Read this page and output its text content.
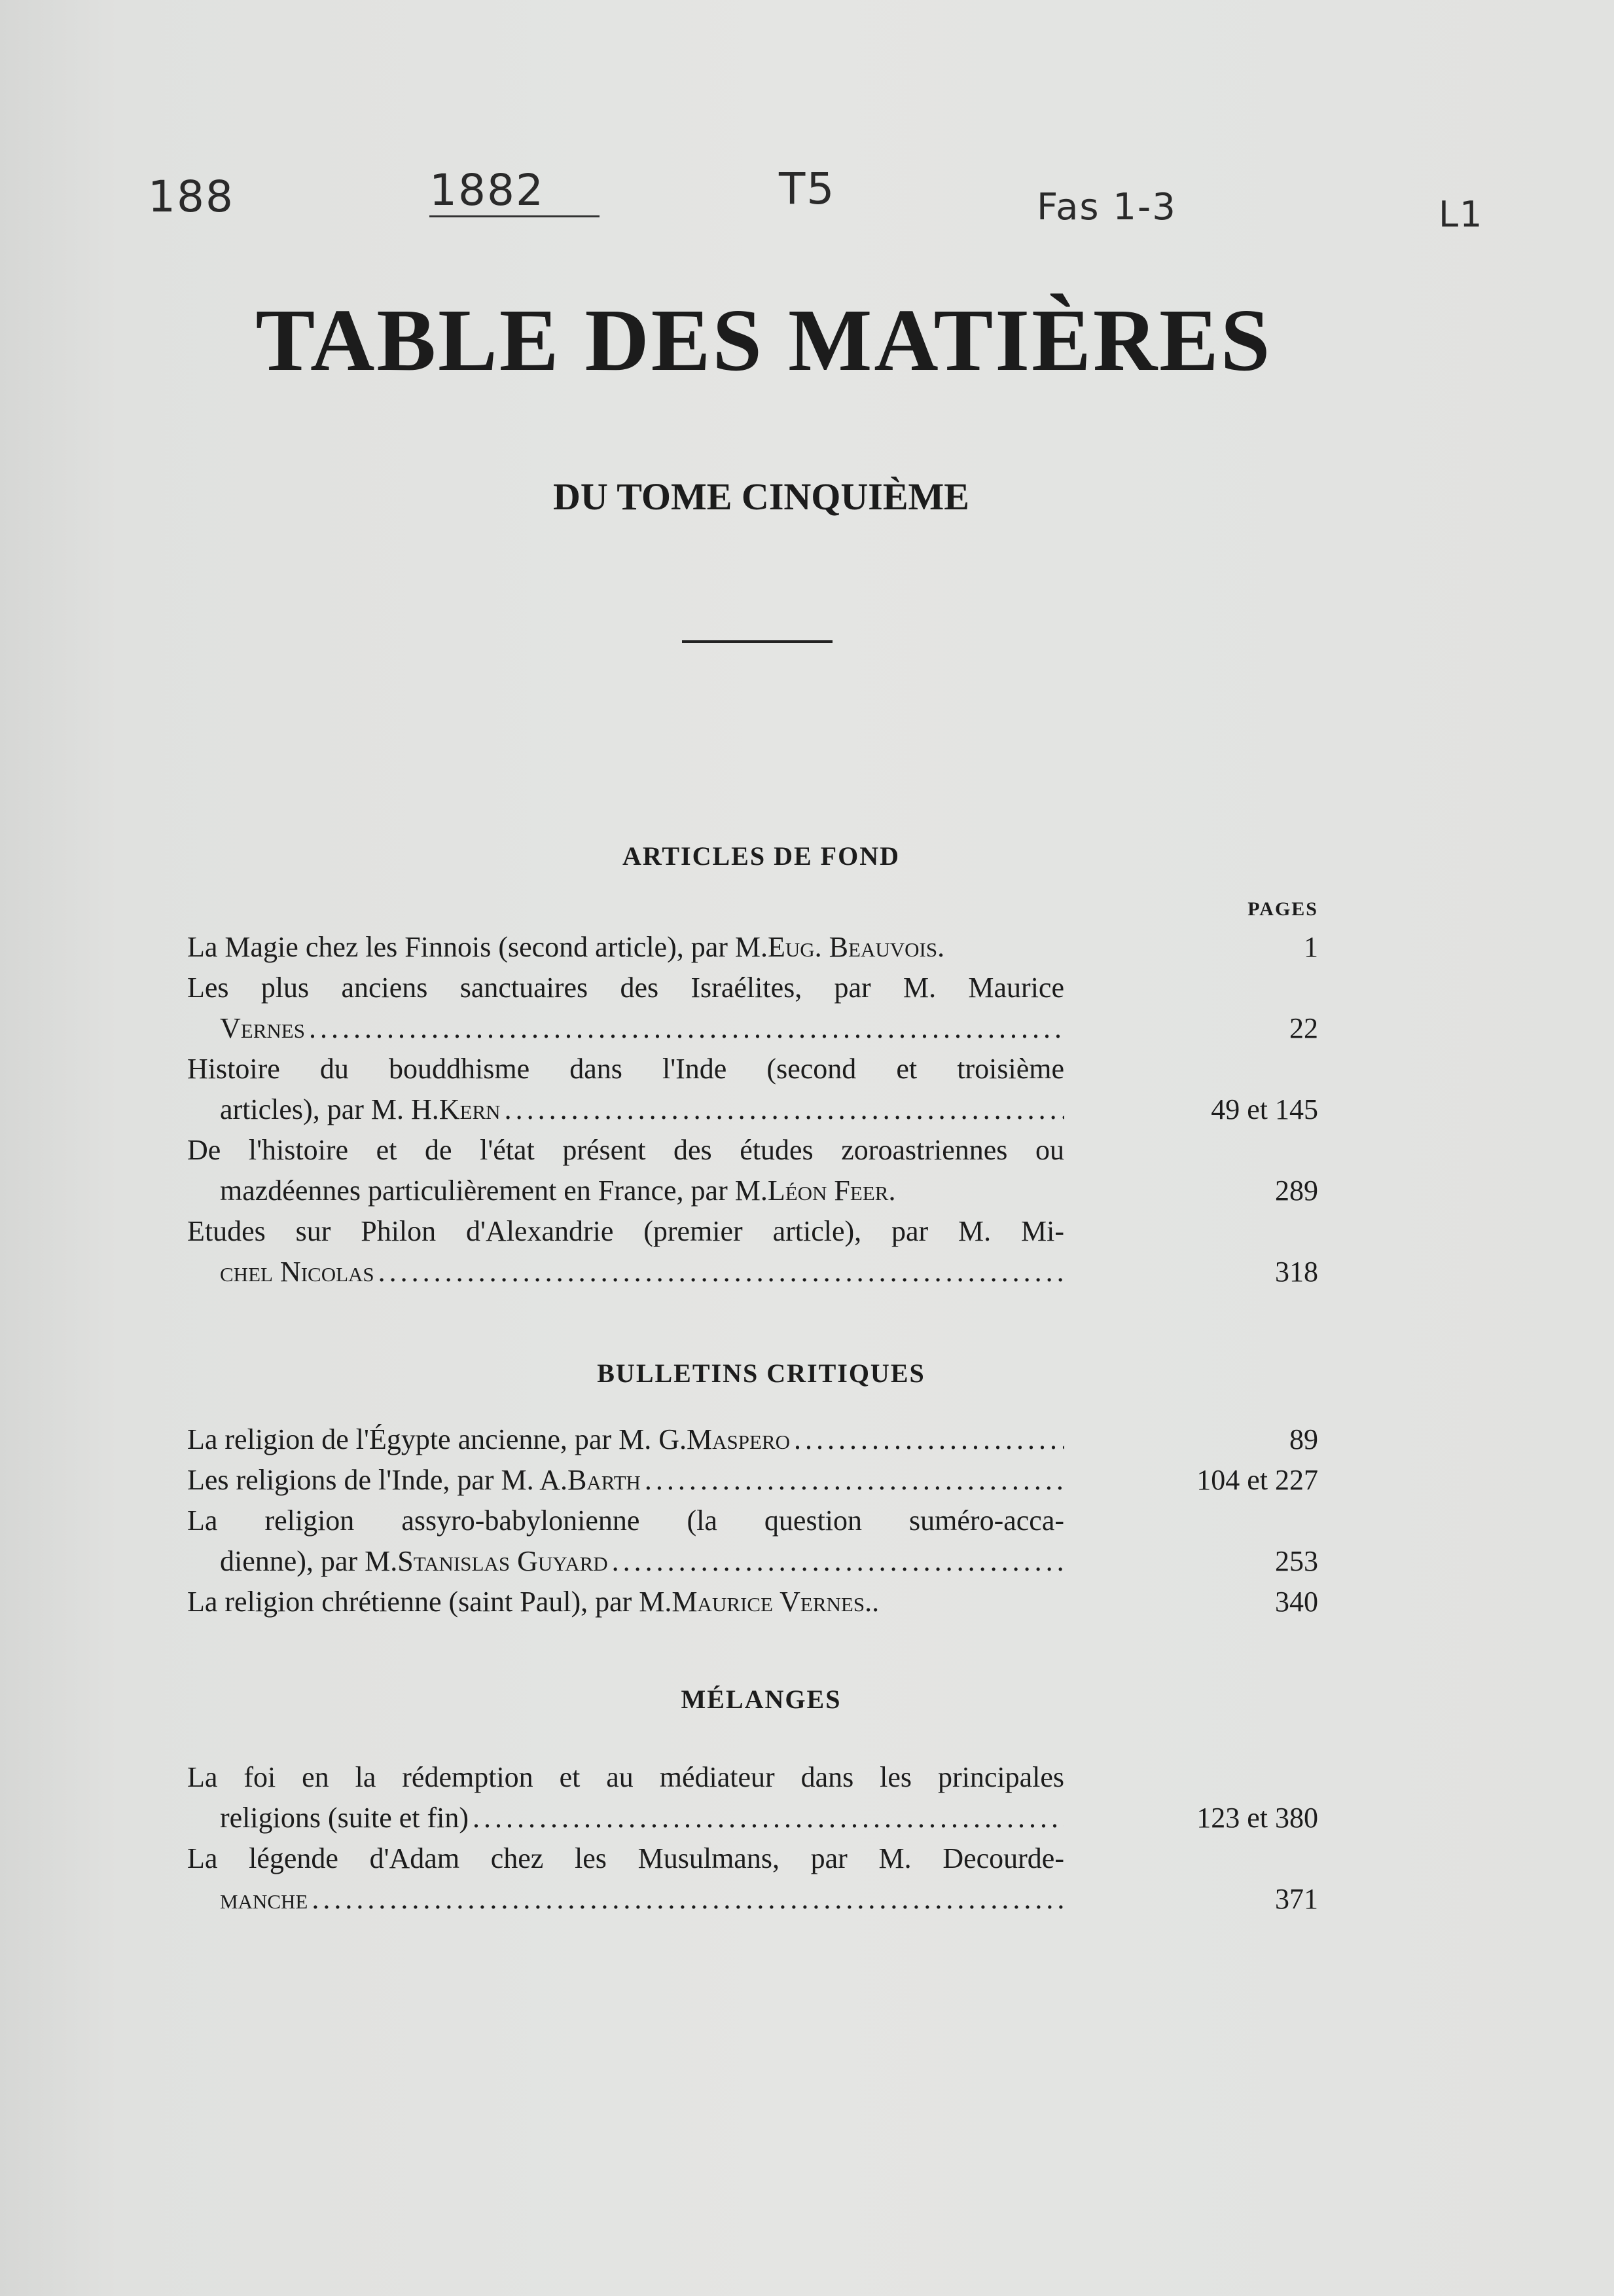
188	1882	T5	Fas 1-3	L1
TABLE DES MATIÈRES
DU TOME CINQUIÈME
ARTICLES DE FOND
PAGES
La Magie chez les Finnois (second article), par M. Eug. Beauvois.	1
Les plus anciens sanctuaires des Israélites, par M. Maurice
Vernes .....	22
Histoire du bouddhisme dans l'Inde (second et troisième
articles), par M. H. Kern .....	49 et 145
De l'histoire et de l'état présent des études zoroastriennes ou
mazdéennes particulièrement en France, par M. Léon Feer.	289
Etudes sur Philon d'Alexandrie (premier article), par M. Mi-
chel Nicolas .....	318
BULLETINS CRITIQUES
La religion de l'Égypte ancienne, par M. G. Maspero .....	89
Les religions de l'Inde, par M. A. Barth .....	104 et 227
La religion assyro-babylonienne (la question suméro-acca-
dienne), par M. Stanislas Guyard .....	253
La religion chrétienne (saint Paul), par M. Maurice Vernes..	340
MÉLANGES
La foi en la rédemption et au médiateur dans les principales
religions (suite et fin) .....	123 et 380
La légende d'Adam chez les Musulmans, par M. Decourde-
manche .....	371
